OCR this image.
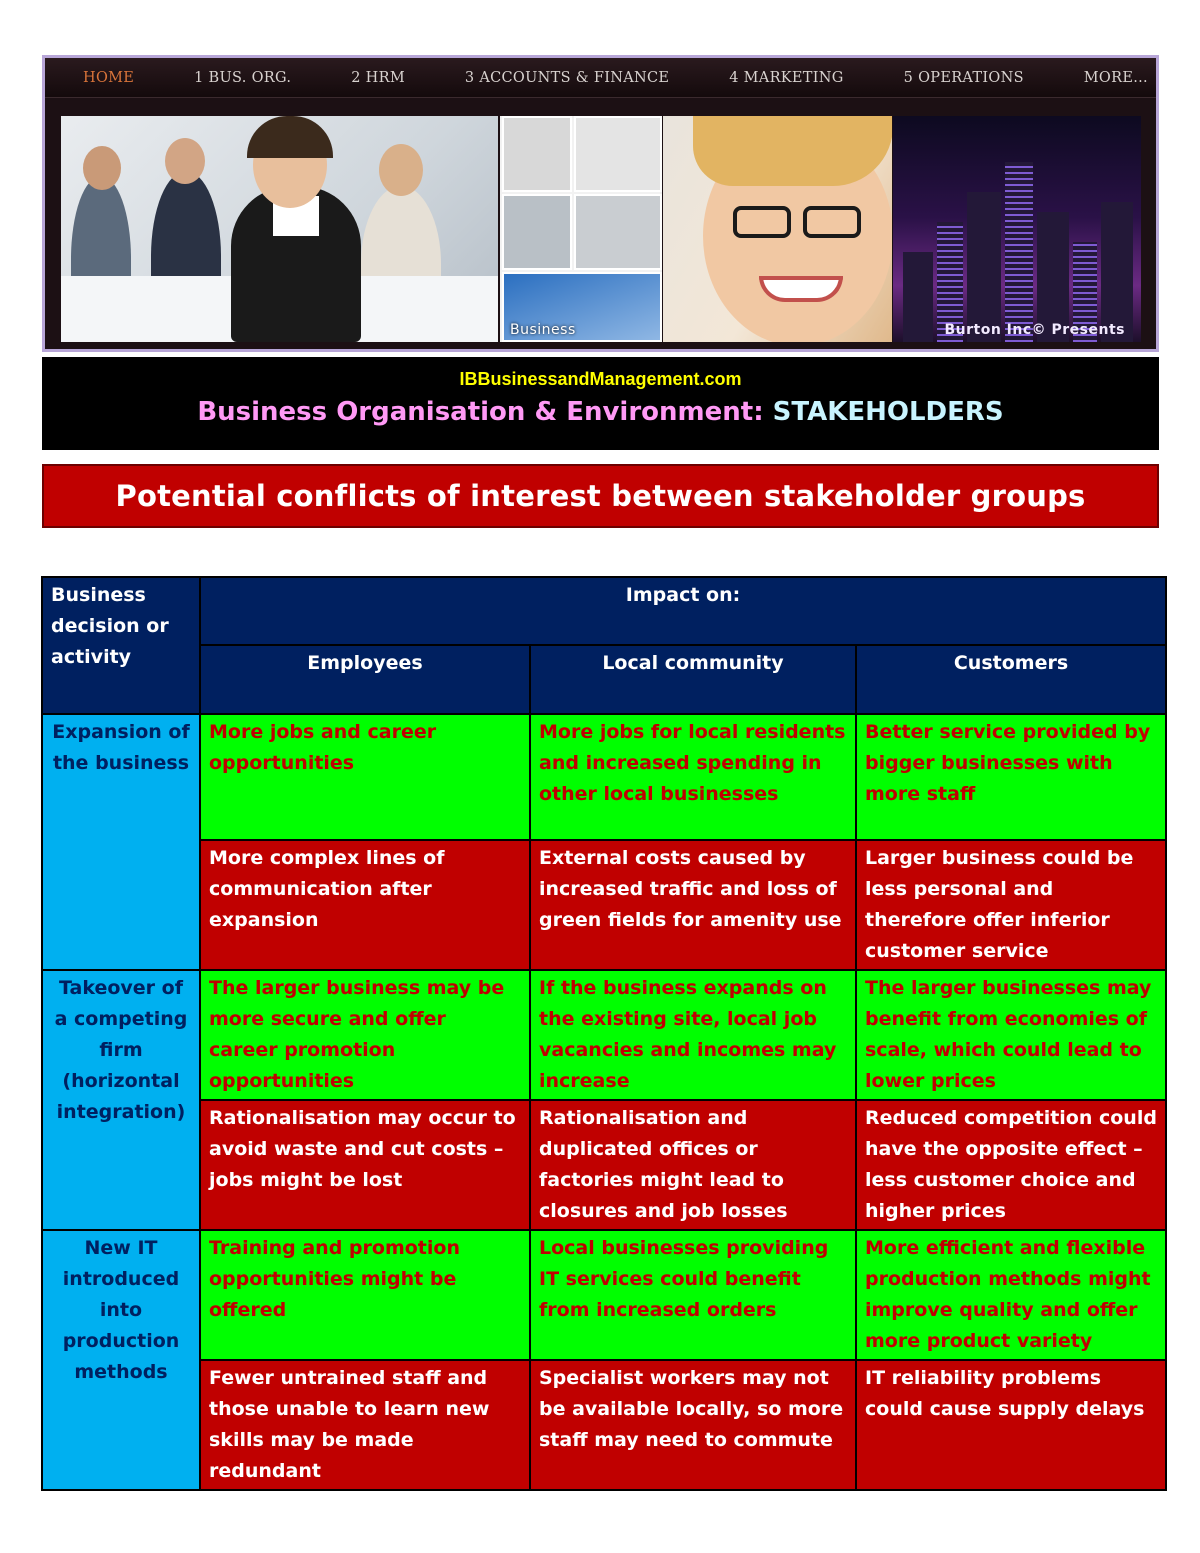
HOME	1 BUS. ORG.	2 HRM	3 ACCOUNTS & FINANCE	4 MARKETING	5 OPERATIONS	MORE...
Business	Burton Inc© Presents
IBBusinessandManagement.com
Business Organisation & Environment: STAKEHOLDERS
Potential conflicts of interest between stakeholder groups
Business decision or activity	Impact on:		
	Employees	Local community	Customers
Expansion of the business	More jobs and career opportunities	More jobs for local residents and increased spending in other local businesses	Better service provided by bigger businesses with more staff
	More complex lines of communication after expansion	External costs caused by increased traffic and loss of green fields for amenity use	Larger business could be less personal and therefore offer inferior customer service
Takeover of a competing firm (horizontal integration)	The larger business may be more secure and offer career promotion opportunities	If the business expands on the existing site, local job vacancies and incomes may increase	The larger businesses may benefit from economies of scale, which could lead to lower prices
	Rationalisation may occur to avoid waste and cut costs – jobs might be lost	Rationalisation and duplicated offices or factories might lead to closures and job losses	Reduced competition could have the opposite effect – less customer choice and higher prices
New IT introduced into production methods	Training and promotion opportunities might be offered	Local businesses providing IT services could benefit from increased orders	More efficient and flexible production methods might improve quality and offer more product variety
	Fewer untrained staff and those unable to learn new skills may be made redundant	Specialist workers may not be available locally, so more staff may need to commute	IT reliability problems could cause supply delays
